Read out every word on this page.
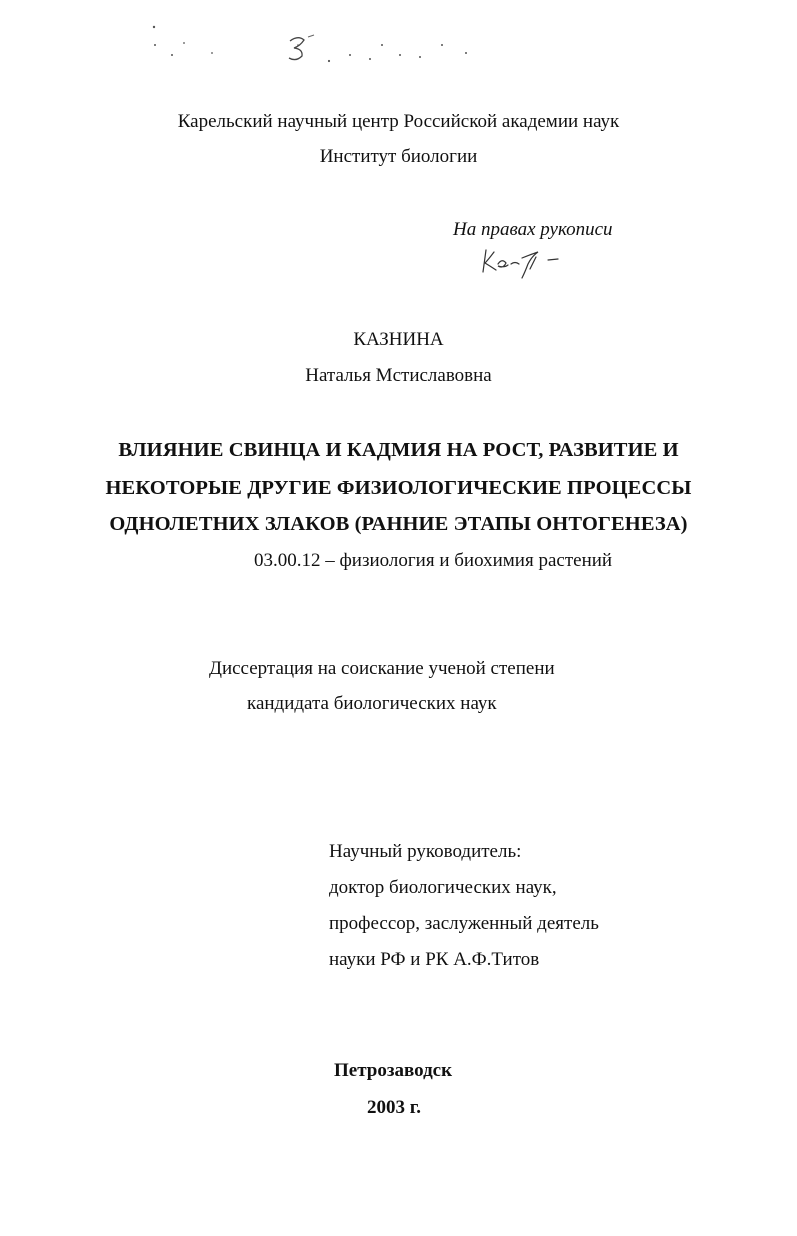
Карельский научный центр Российской академии наук
Институт биологии
На правах рукописи
КАЗНИНА
Наталья Мстиславовна
ВЛИЯНИЕ СВИНЦА И КАДМИЯ НА РОСТ, РАЗВИТИЕ И
НЕКОТОРЫЕ ДРУГИЕ ФИЗИОЛОГИЧЕСКИЕ ПРОЦЕССЫ
ОДНОЛЕТНИХ ЗЛАКОВ (РАННИЕ ЭТАПЫ ОНТОГЕНЕЗА)
03.00.12 – физиология и биохимия растений
Диссертация на соискание ученой степени
кандидата биологических наук
Научный руководитель:
доктор биологических наук,
профессор, заслуженный деятель
науки РФ и РК А.Ф.Титов
Петрозаводск
2003 г.
